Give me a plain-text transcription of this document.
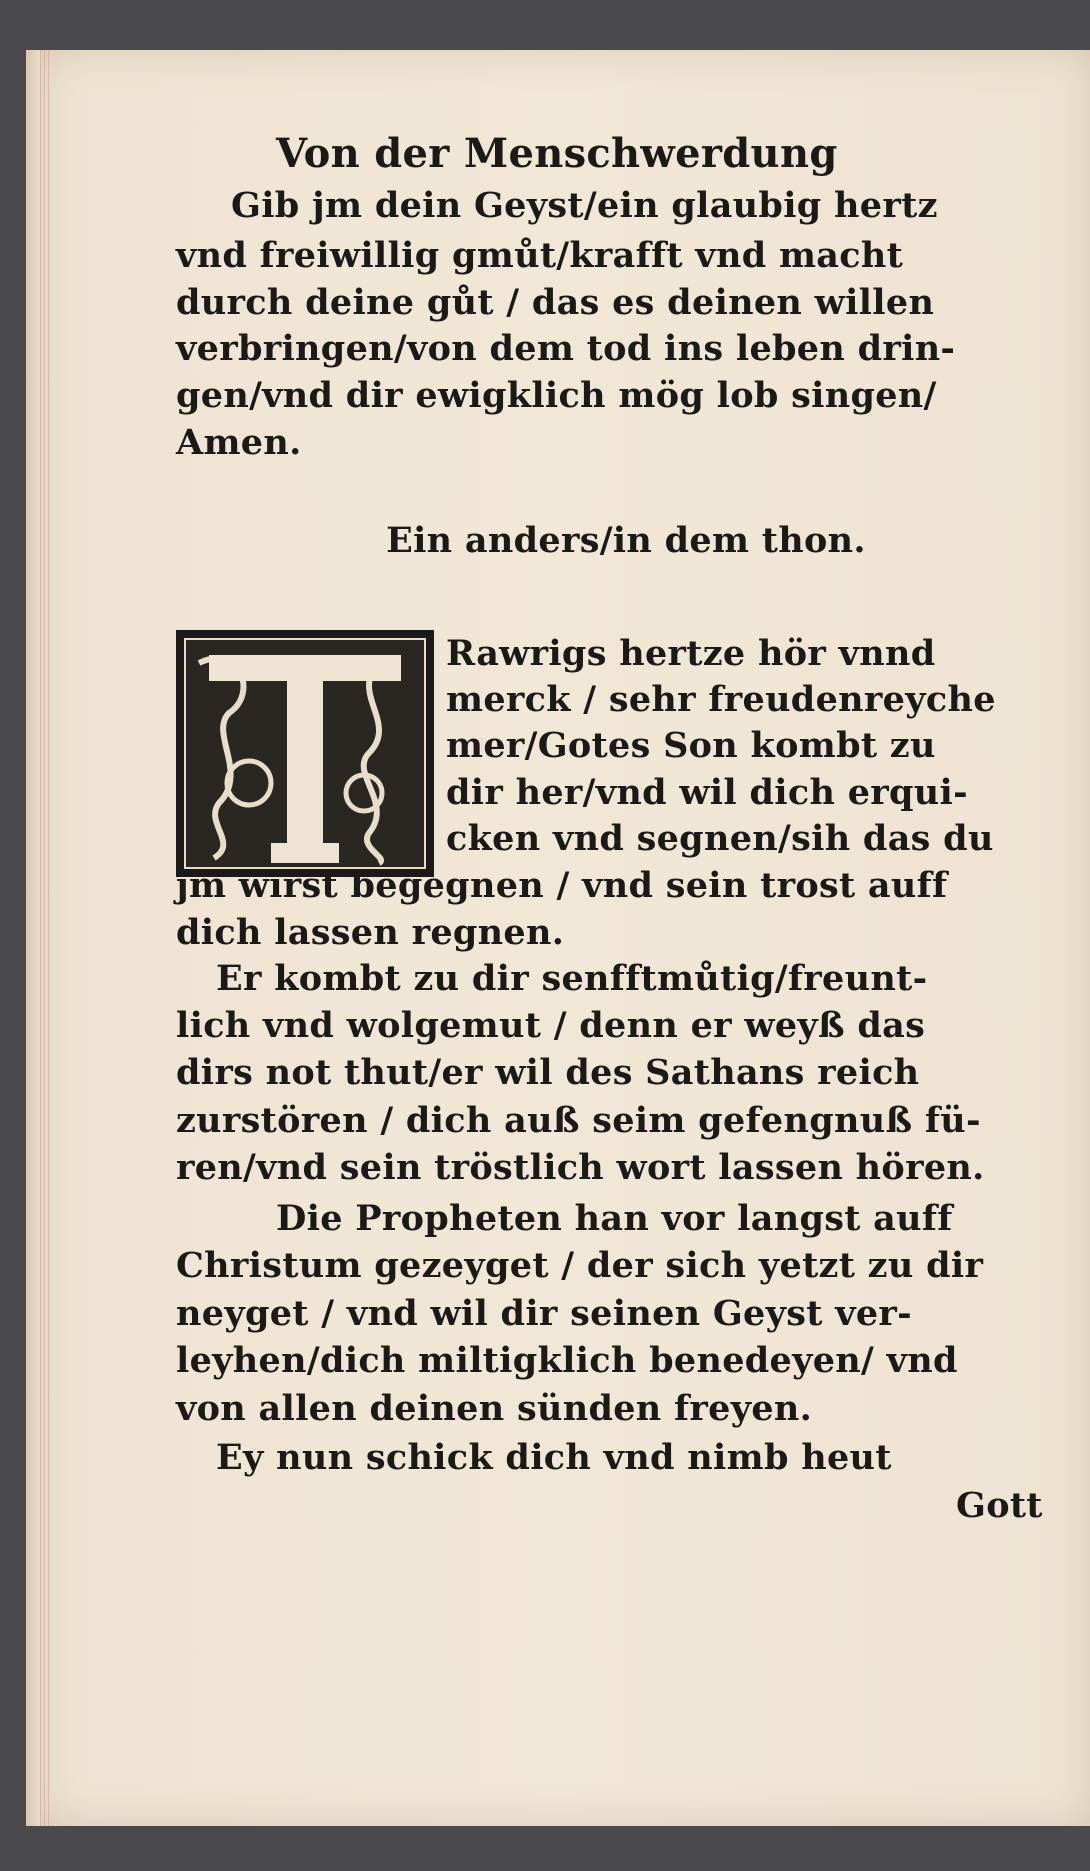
Von der Menschwerdung
Gib jm dein Geyst/ein glaubig hertz
vnd freiwillig gmůt/krafft vnd macht
durch deine gůt / das es deinen willen
verbringen/von dem tod ins leben drin-
gen/vnd dir ewigklich mög lob singen/
Amen.
Ein anders/in dem thon.
Rawrigs hertze hör vnnd
merck / sehr freudenreyche
mer/Gotes Son kombt zu
dir her/vnd wil dich erqui-
cken vnd segnen/sih das du
jm wirst begegnen / vnd sein trost auff
dich lassen regnen.
Er kombt zu dir senfftmůtig/freunt-
lich vnd wolgemut / denn er weyß das
dirs not thut/er wil des Sathans reich
zurstören / dich auß seim gefengnuß fü-
ren/vnd sein tröstlich wort lassen hören.
Die Propheten han vor langst auff
Christum gezeyget / der sich yetzt zu dir
neyget / vnd wil dir seinen Geyst ver-
leyhen/dich miltigklich benedeyen/ vnd
von allen deinen sünden freyen.
Ey nun schick dich vnd nimb heut
Gott
